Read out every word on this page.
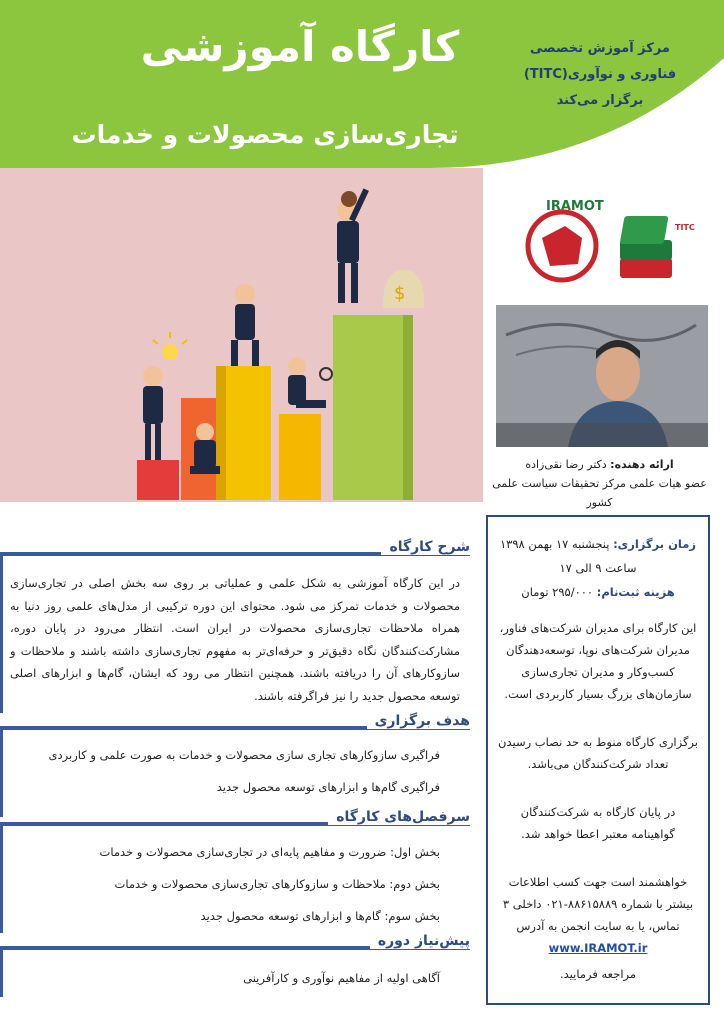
کارگاه آموزشی
تجاری‌سازی محصولات و خدمات
مرکز آموزش تخصصی
فناوری و نوآوری(TITC)
برگزار می‌کند
$
IRAMOT
TITC
ارائه دهنده: دکتر رضا نقی‌زاده
عضو هیات علمی مرکز تحقیقات سیاست علمی کشور

زمان برگزاری: پنجشنبه ۱۷ بهمن ۱۳۹۸

ساعت ۹ الی ۱۷

هزینه ثبت‌نام: ۲۹۵/۰۰۰ تومان

این کارگاه برای مدیران شرکت‌های فناور، مدیران شرکت‌های نوپا، توسعه‌دهندگان کسب‌وکار و مدیران تجاری‌سازی سازمان‌های بزرگ بسیار کاربردی است.

برگزاری کارگاه منوط به حد نصاب رسیدن تعداد شرکت‌کنندگان می‌باشد.

در پایان کارگاه به شرکت‌کنندگان گواهینامه معتبر اعطا خواهد شد.

خواهشمند است جهت کسب اطلاعات بیشتر با شماره ۸۸۶۱۵۸۸۹-۰۲۱ داخلی ۳ تماس، یا به سایت انجمن به آدرس

www.IRAMOT.ir

مراجعه فرمایید.

شرح کارگاه
در این کارگاه آموزشی به شکل علمی و عملیاتی بر روی سه بخش اصلی در تجاری‌سازی محصولات و خدمات تمرکز می شود. محتوای این دوره ترکیبی از مدل‌های علمی روز دنیا به همراه ملاحظات تجاری‌سازی محصولات در ایران است. انتظار می‌رود در پایان دوره، مشارکت‌کنندگان نگاه دقیق‌تر و حرفه‌ای‌تر به مفهوم تجاری‌سازی داشته باشند و ملاحظات و سازوکارهای آن را دریافته باشند. همچنین انتظار می رود که ایشان، گام‌ها و ابزارهای اصلی توسعه محصول جدید را نیز فراگرفته باشند.
هدف برگزاری
فراگیری سازوکارهای تجاری سازی محصولات و خدمات به صورت علمی و کاربردی
فراگیری گام‌ها و ابزارهای توسعه محصول جدید
سرفصل‌های کارگاه
بخش اول: ضرورت و مفاهیم پایه‌ای در تجاری‌سازی محصولات و خدمات
بخش دوم: ملاحظات و سازوکارهای تجاری‌سازی محصولات و خدمات
بخش سوم: گام‌ها و ابزارهای توسعه محصول جدید
پیش‌نیاز دوره
آگاهی اولیه از مفاهیم نوآوری و کارآفرینی
